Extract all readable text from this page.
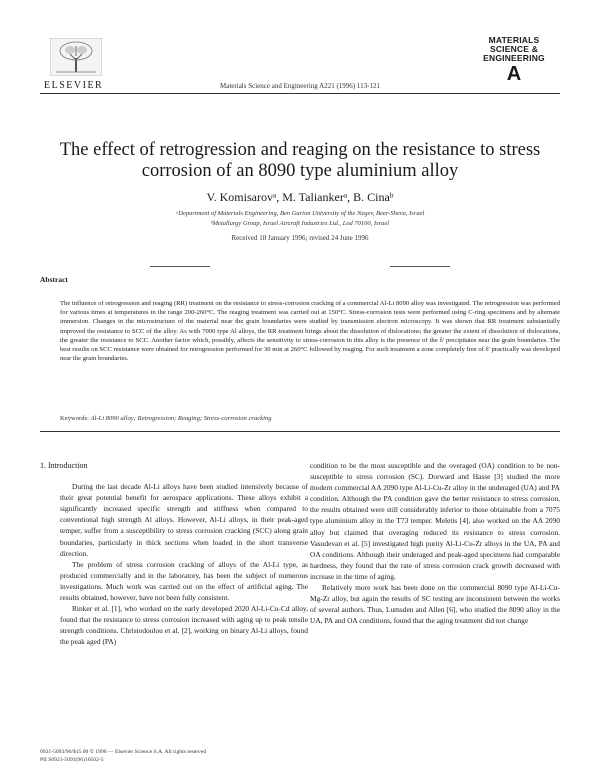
ELSEVIER	Materials Science and Engineering A221 (1996) 113-121
MATERIALS
SCIENCE &
ENGINEERING
A
The effect of retrogression and reaging on the resistance to stress
corrosion of an 8090 type aluminium alloy
V. Komisarovᵃ, M. Taliankerᵃ, B. Cinaᵇ
ᵃDepartment of Materials Engineering, Ben Gurion University of the Negev, Beer-Sheva, Israel
ᵇMetallurgy Group, Israel Aircraft Industries Ltd., Lod 70100, Israel
Received 18 January 1996; revised 24 June 1996
Abstract
The influence of retrogression and reaging (RR) treatment on the resistance to stress-corrosion cracking of a commercial Al-Li 8090 alloy was investigated. The retrogression was performed for various times at temperatures in the range 200-260°C. The reaging treatment was carried out at 150°C. Stress-corrosion tests were performed using C-ring specimens and by alternate immersion. Changes in the microstructure of the material near the grain boundaries were studied by transmission electron microscopy. It was shown that RR treatment substantially improved the resistance to SCC of the alloy. As with 7000 type Al alloys, the RR treatment brings about the dissolution of dislocations; the greater the extent of dissolution of dislocations, the greater the resistance to SCC. Another factor which, possibly, affects the sensitivity to stress-corrosion in this alloy is the presence of the δ' precipitates near the grain boundaries. The best results on SCC resistance were obtained for retrogression performed for 30 min at 260°C followed by reaging. For such treatment a zone completely free of δ' practically was developed near the grain boundaries.
Keywords: Al-Li 8090 alloy; Retrogression; Reaging; Stress-corrosion cracking
1. Introduction

During the last decade Al-Li alloys have been studied intensively because of their great potential benefit for aerospace applications. These alloys exhibit a significantly increased specific strength and stiffness when compared to conventional high strength Al alloys. However, Al-Li alloys, in their peak-aged temper, suffer from a susceptibility to stress corrosion cracking (SCC) along grain boundaries, particularly in thick sections when loaded in the short transverse direction.

The problem of stress corrosion cracking of alloys of the Al-Li type, as produced commercially and in the laboratory, has been the subject of numerous investigations. Much work was carried out on the effect of artificial aging. The results obtained, however, have not been fully consistent.

Rinker et al. [1], who worked on the early developed 2020 Al-Li-Cu-Cd alloy, found that the resistance to stress corrosion increased with aging up to peak tensile strength conditions. Christodoulou et al. [2], working on binary Al-Li alloys, found the peak aged (PA)

condition to be the most susceptible and the overaged (OA) condition to be non-susceptible to stress corrosion (SC). Dorward and Hasse [3] studied the more modern commercial AA 2090 type Al-Li-Cu-Zr alloy in the underaged (UA) and PA condition. Although the PA condition gave the better resistance to stress corrosion, the results obtained were still considerably inferior to those obtainable from a 7075 type aluminium alloy in the T73 temper. Meletis [4], also worked on the AA 2090 alloy but claimed that overaging reduced its resistance to stress corrosion. Vasudevan et al. [5] investigated high purity Al-Li-Cu-Zr alloys in the UA, PA and OA conditions. Although their underaged and peak-aged specimens had comparable hardness, they found that the rate of stress corrosion crack growth decreased with increase in the time of aging.

Relatively more work has been done on the commercial 8090 type Al-Li-Cu-Mg-Zr alloy, but again the results of SC testing are inconsistent between the works of several authors. Thus, Lumsden and Allen [6], who studied the 8090 alloy in the UA, PA and OA conditions, found that the aging treatment did not change

0921-5093/96/$15.00 © 1996 — Elsevier Science S.A. All rights reserved
PII S0921-5093(96)10502-5
